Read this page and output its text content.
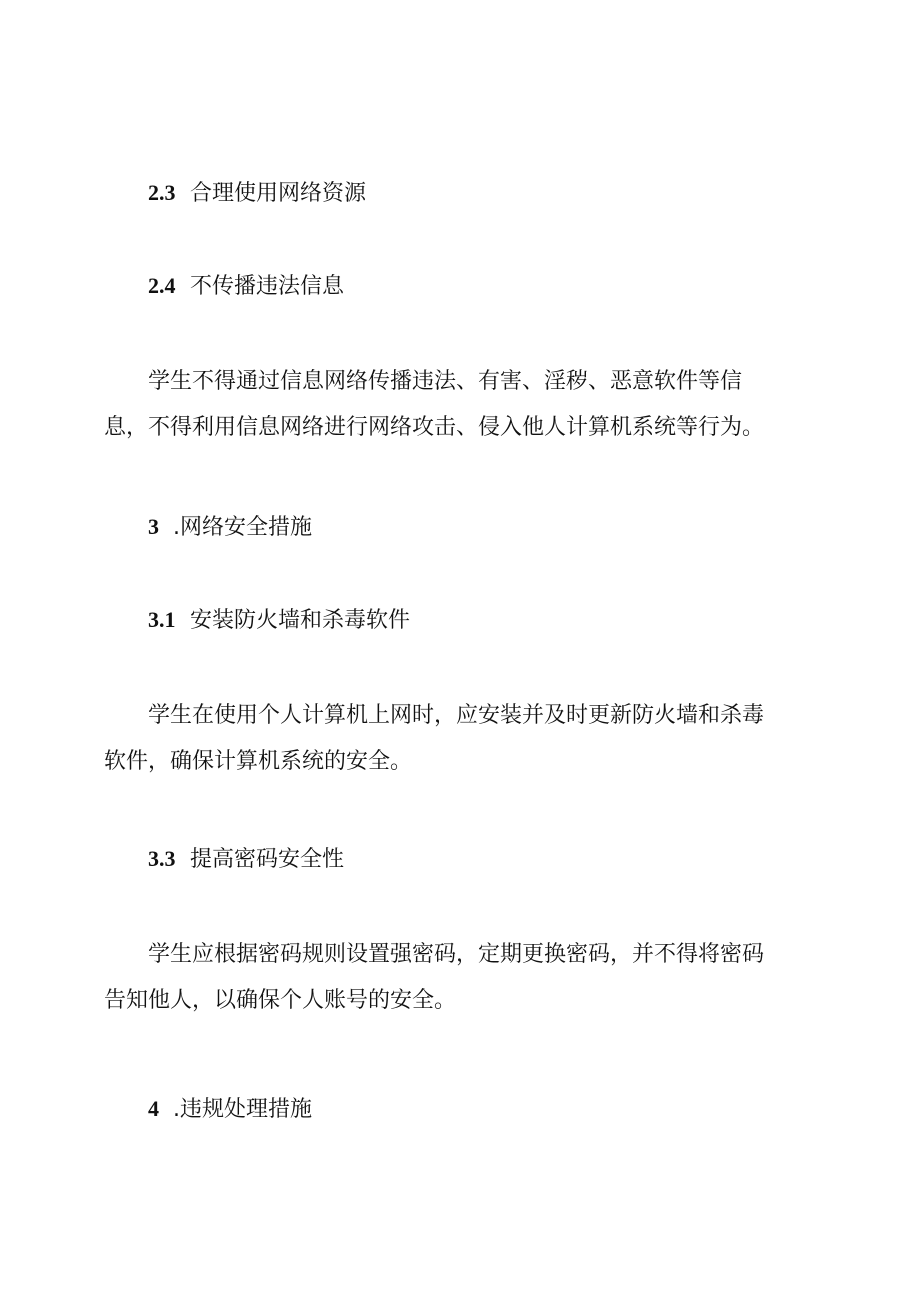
2.3 合理使用网络资源
2.4 不传播违法信息

学生不得通过信息网络传播违法、有害、淫秽、恶意软件等信
息，不得利用信息网络进行网络攻击、侵入他人计算机系统等行为。

3 .网络安全措施
3.1 安装防火墙和杀毒软件

学生在使用个人计算机上网时，应安装并及时更新防火墙和杀毒
软件，确保计算机系统的安全。

3.3 提高密码安全性

学生应根据密码规则设置强密码，定期更换密码，并不得将密码
告知他人，以确保个人账号的安全。

4 .违规处理措施
